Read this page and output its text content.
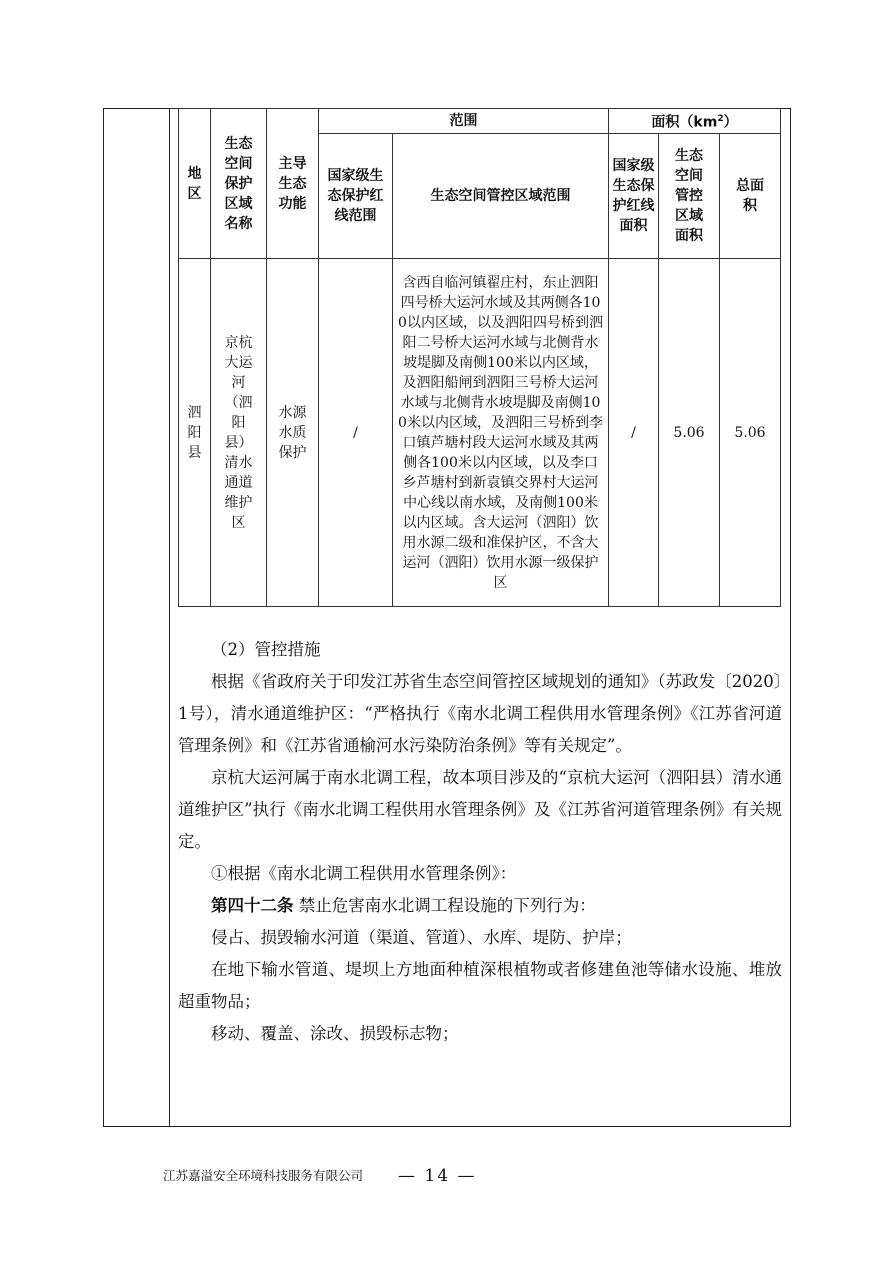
地区	生态空间保护区域名称	主导生态功能	范围		面积$(km^2)$		

			国家级生态保护红线范围	生态空间管控区域范围	国家级生态保护红线面积	生态空间管控区域面积	总面积

泗阳县	京杭大运河（泗阳县）清水通道维护区	水源水质保护	/	含西自临河镇翟庄村，东止泗阳四号桥大运河水域及其两侧各100以内区域，以及泗阳四号桥到泗阳二号桥大运河水域与北侧背水坡堤脚及南侧100米以内区域，及泗阳船闸到泗阳三号桥大运河水域与北侧背水坡堤脚及南侧100米以内区域，及泗阳三号桥到李口镇芦塘村段大运河水域及其两侧各100米以内区域，以及李口乡芦塘村到新袁镇交界村大运河中心线以南水域，及南侧100米以内区域。含大运河（泗阳）饮用水源二级和准保护区，不含大运河（泗阳）饮用水源一级保护区	/	5.06	5.06

（2）管控措施

根据《省政府关于印发江苏省生态空间管控区域规划的通知》（苏政发〔2020〕1号），清水通道维护区：“严格执行《南水北调工程供用水管理条例》《江苏省河道管理条例》和《江苏省通榆河水污染防治条例》等有关规定”。

京杭大运河属于南水北调工程，故本项目涉及的“京杭大运河（泗阳县）清水通道维护区”执行《南水北调工程供用水管理条例》及《江苏省河道管理条例》有关规定。

①根据《南水北调工程供用水管理条例》：

第四十二条 禁止危害南水北调工程设施的下列行为：

侵占、损毁输水河道（渠道、管道）、水库、堤防、护岸；

在地下输水管道、堤坝上方地面种植深根植物或者修建鱼池等储水设施、堆放超重物品；

移动、覆盖、涂改、损毁标志物；

江苏嘉溢安全环境科技服务有限公司 — 14 —
